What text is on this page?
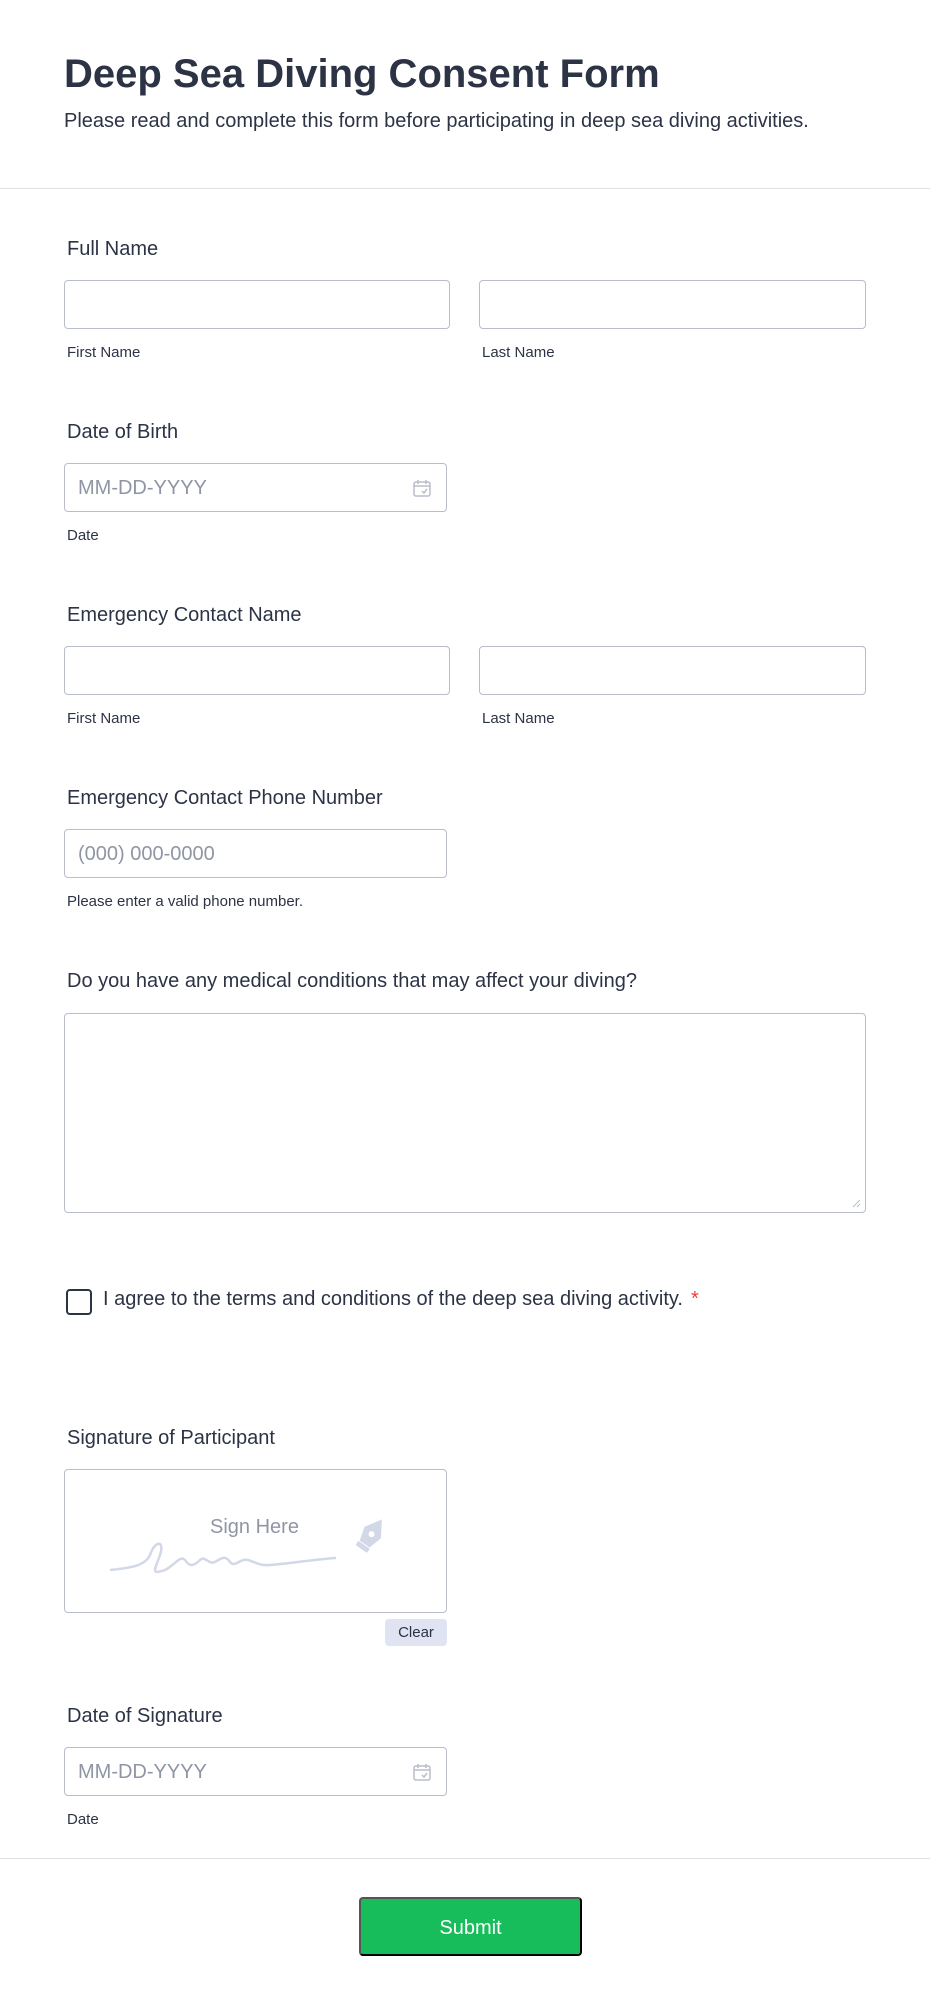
Deep Sea Diving Consent Form
Please read and complete this form before participating in deep sea diving activities.
Full Name
First Name	Last Name
Date of Birth
MM-DD-YYYY
Date
Emergency Contact Name
First Name	Last Name
Emergency Contact Phone Number
(000) 000-0000
Please enter a valid phone number.
Do you have any medical conditions that may affect your diving?
I agree to the terms and conditions of the deep sea diving activity. *
Signature of Participant
Sign Here
Clear
Date of Signature
MM-DD-YYYY
Date
Submit
